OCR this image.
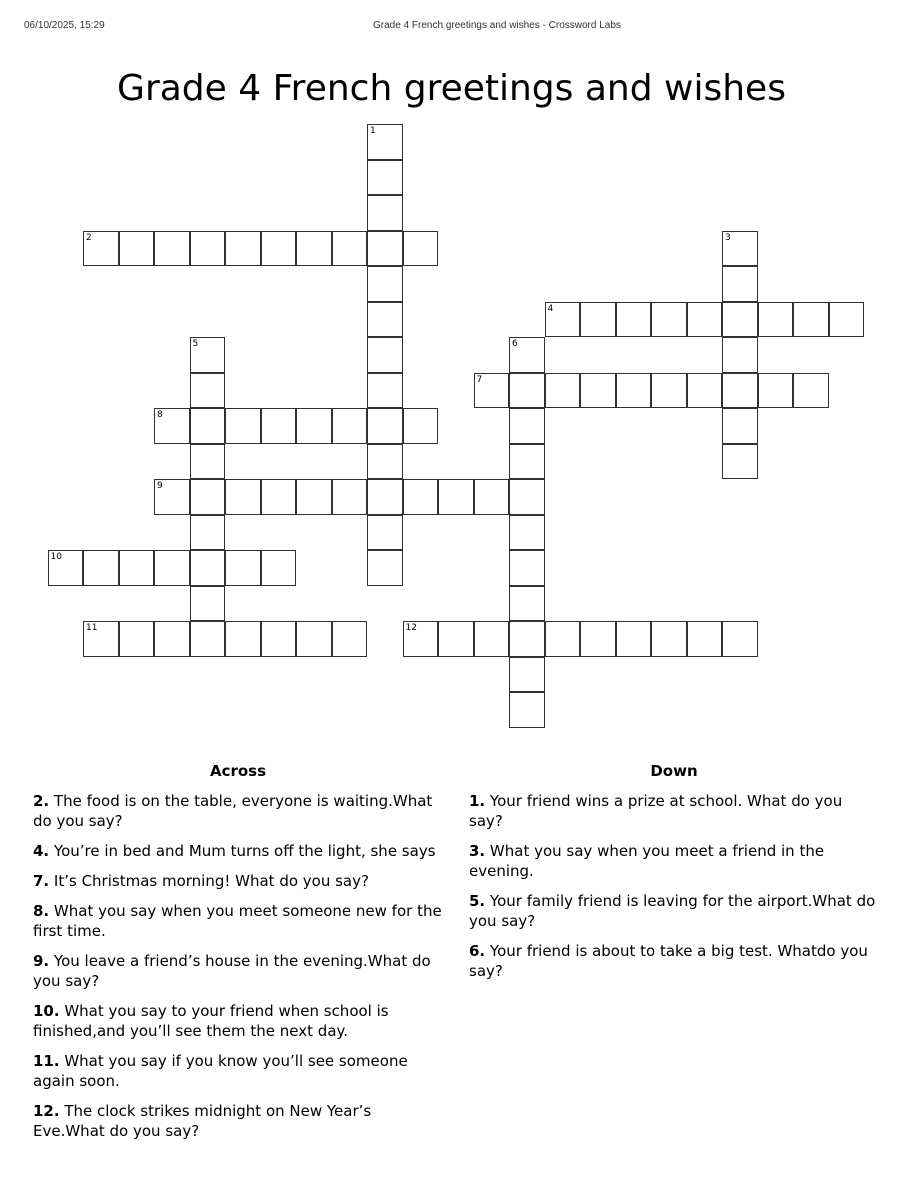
06/10/2025, 15:29	Grade 4 French greetings and wishes - Crossword Labs
Grade 4 French greetings and wishes
1
2	3
4
5	6
7
8
9
10
11	12
Across
2. The food is on the table, everyone is waiting.What do you say?
4. You’re in bed and Mum turns off the light, she says
7. It’s Christmas morning! What do you say?
8. What you say when you meet someone new for the first time.
9. You leave a friend’s house in the evening.What do you say?
10. What you say to your friend when school is finished,and you’ll see them the next day.
11. What you say if you know you’ll see someone again soon.
12. The clock strikes midnight on New Year’s Eve.What do you say?
Down
1. Your friend wins a prize at school. What do you say?
3. What you say when you meet a friend in the evening.
5. Your family friend is leaving for the airport.What do you say?
6. Your friend is about to take a big test. Whatdo you say?
